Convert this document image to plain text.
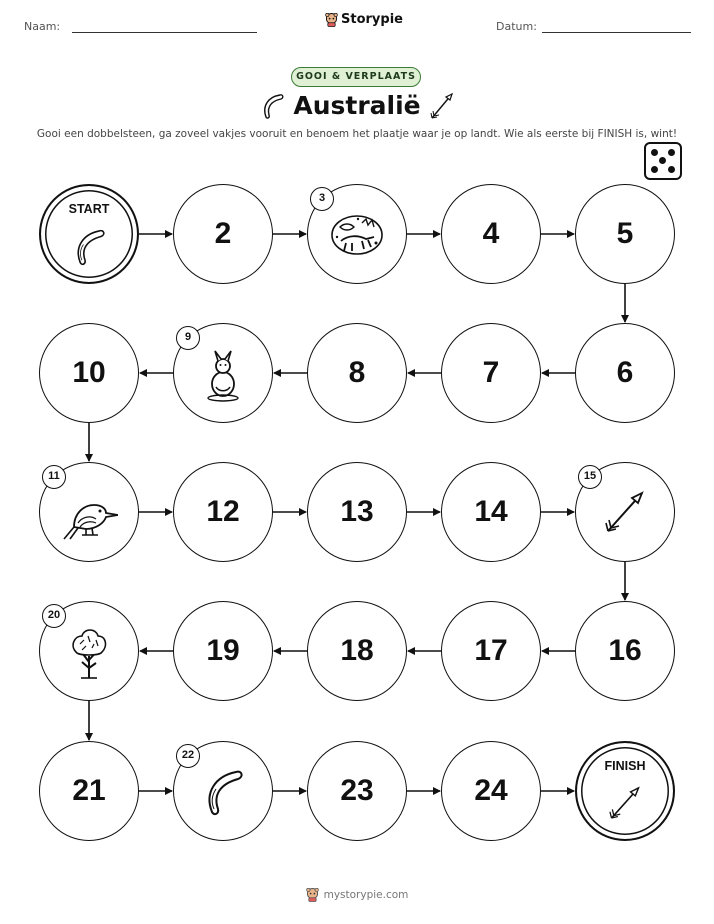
Naam:	Storypie	Datum:
GOOI & VERPLAATS
Australië
Gooi een dobbelsteen, ga zoveel vakjes vooruit en benoem het plaatje waar je op landt. Wie als eerste bij FINISH is, wint!
START
2
3
4	5
6
7
8
9
10
11
12	13	14
15
16
17
18
19
20
21
22
23	24
FINISH
mystorypie.com
